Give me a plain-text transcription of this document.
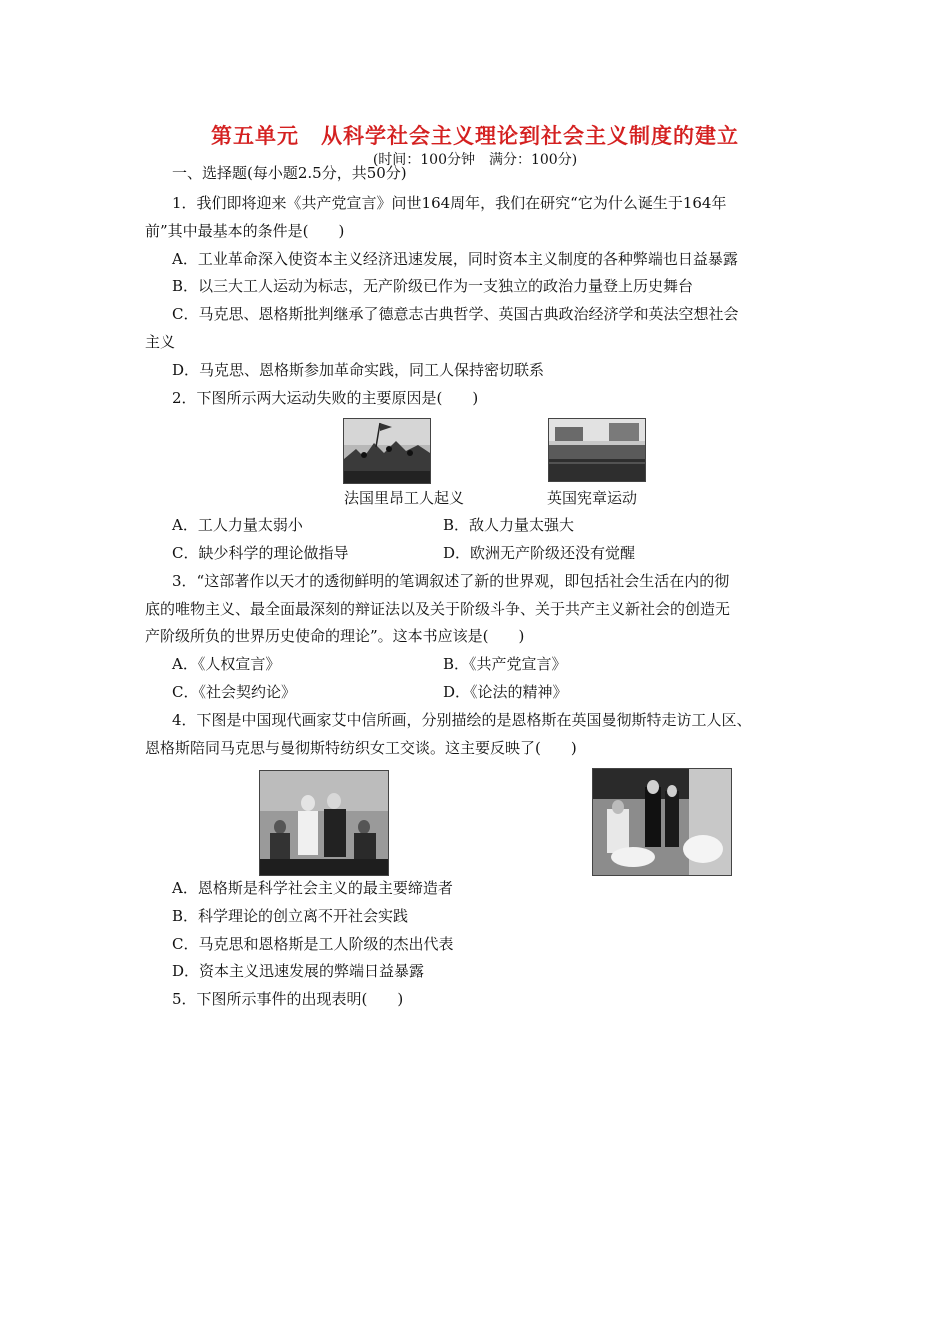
第五单元　从科学社会主义理论到社会主义制度的建立
(时间：100分钟　满分：100分)
一、选择题(每小题2.5分，共50分)
1．我们即将迎来《共产党宣言》问世164周年，我们在研究“它为什么诞生于164年
前”其中最基本的条件是(　　)
A．工业革命深入使资本主义经济迅速发展，同时资本主义制度的各种弊端也日益暴露
B．以三大工人运动为标志，无产阶级已作为一支独立的政治力量登上历史舞台
C．马克思、恩格斯批判继承了德意志古典哲学、英国古典政治经济学和英法空想社会
主义
D．马克思、恩格斯参加革命实践，同工人保持密切联系
2．下图所示两大运动失败的主要原因是(　　)
法国里昂工人起义	英国宪章运动
A．工人力量太弱小	B．敌人力量太强大
C．缺少科学的理论做指导	D．欧洲无产阶级还没有觉醒
3．“这部著作以天才的透彻鲜明的笔调叙述了新的世界观，即包括社会生活在内的彻
底的唯物主义、最全面最深刻的辩证法以及关于阶级斗争、关于共产主义新社会的创造无
产阶级所负的世界历史使命的理论”。这本书应该是(　　)
A．《人权宣言》	B．《共产党宣言》
C．《社会契约论》	D．《论法的精神》
4．下图是中国现代画家艾中信所画，分别描绘的是恩格斯在英国曼彻斯特走访工人区、
恩格斯陪同马克思与曼彻斯特纺织女工交谈。这主要反映了(　　)
A．恩格斯是科学社会主义的最主要缔造者
B．科学理论的创立离不开社会实践
C．马克思和恩格斯是工人阶级的杰出代表
D．资本主义迅速发展的弊端日益暴露
5．下图所示事件的出现表明(　　)
